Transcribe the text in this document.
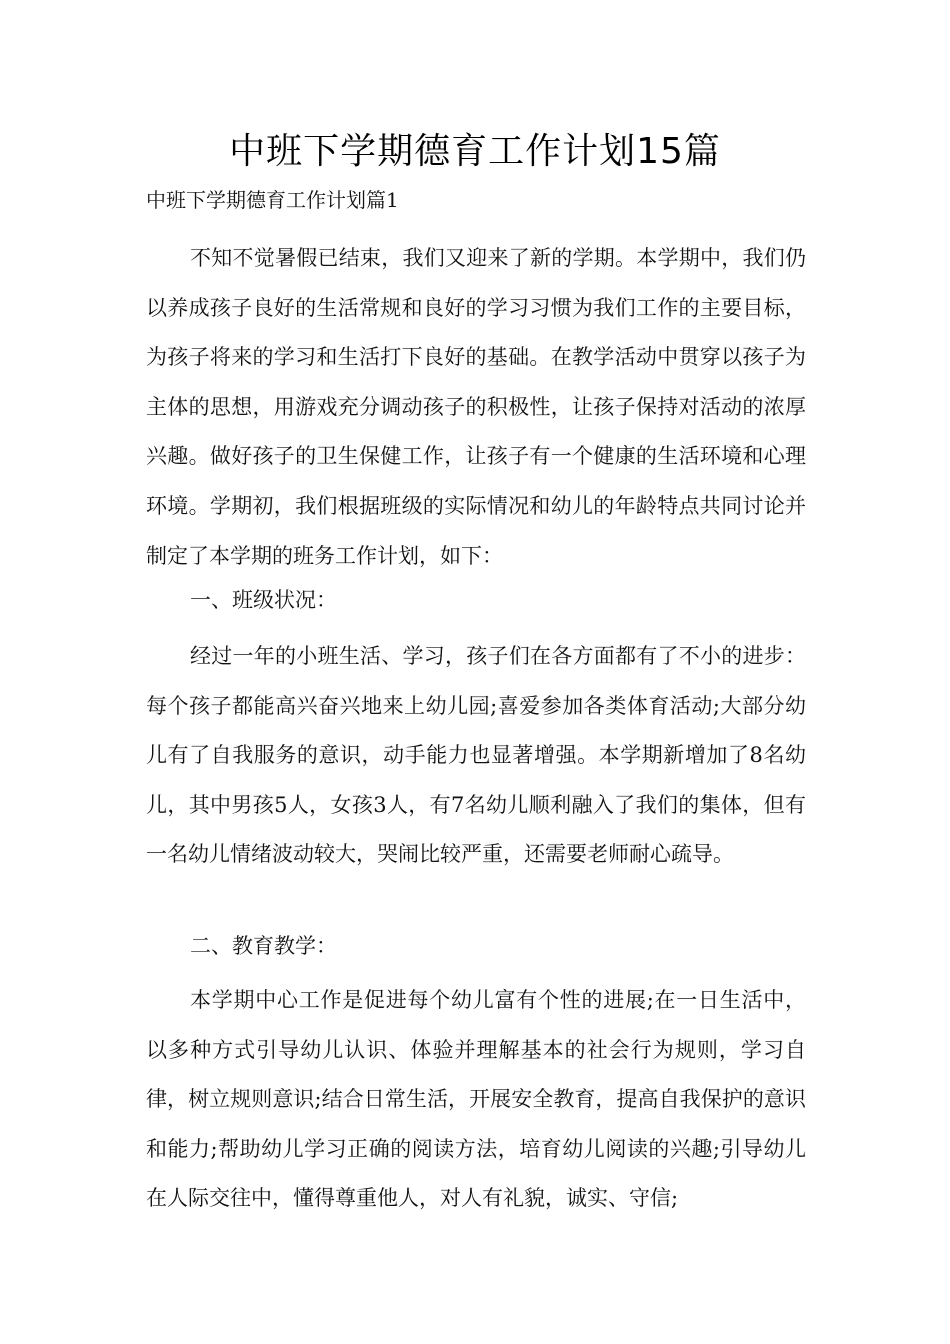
中班下学期德育工作计划15篇
中班下学期德育工作计划篇1
不知不觉暑假已结束，我们又迎来了新的学期。本学期中，我们仍以养成孩子良好的生活常规和良好的学习习惯为我们工作的主要目标，为孩子将来的学习和生活打下良好的基础。在教学活动中贯穿以孩子为主体的思想，用游戏充分调动孩子的积极性，让孩子保持对活动的浓厚兴趣。做好孩子的卫生保健工作，让孩子有一个健康的生活环境和心理环境。学期初，我们根据班级的实际情况和幼儿的年龄特点共同讨论并制定了本学期的班务工作计划，如下：
一、班级状况：
经过一年的小班生活、学习，孩子们在各方面都有了不小的进步：每个孩子都能高兴奋兴地来上幼儿园;喜爱参加各类体育活动;大部分幼儿有了自我服务的意识，动手能力也显著增强。本学期新增加了8名幼儿，其中男孩5人，女孩3人，有7名幼儿顺利融入了我们的集体，但有一名幼儿情绪波动较大，哭闹比较严重，还需要老师耐心疏导。
二、教育教学：
本学期中心工作是促进每个幼儿富有个性的进展;在一日生活中，以多种方式引导幼儿认识、体验并理解基本的社会行为规则，学习自律，树立规则意识;结合日常生活，开展安全教育，提高自我保护的意识和能力;帮助幼儿学习正确的阅读方法，培育幼儿阅读的兴趣;引导幼儿在人际交往中，懂得尊重他人，对人有礼貌，诚实、守信;
